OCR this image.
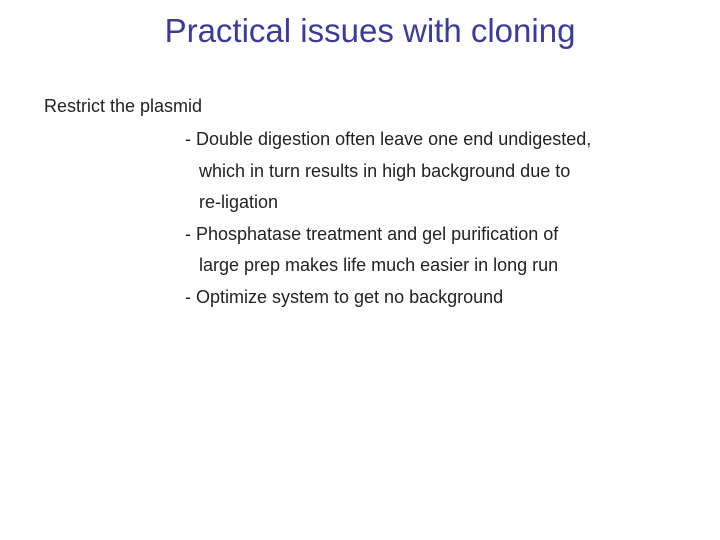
Practical issues with cloning
Restrict the plasmid
- Double digestion often leave one end undigested,
which in turn results in high background due to
re-ligation
- Phosphatase treatment and gel purification of
large prep makes life much easier in long run
- Optimize system to get no background
